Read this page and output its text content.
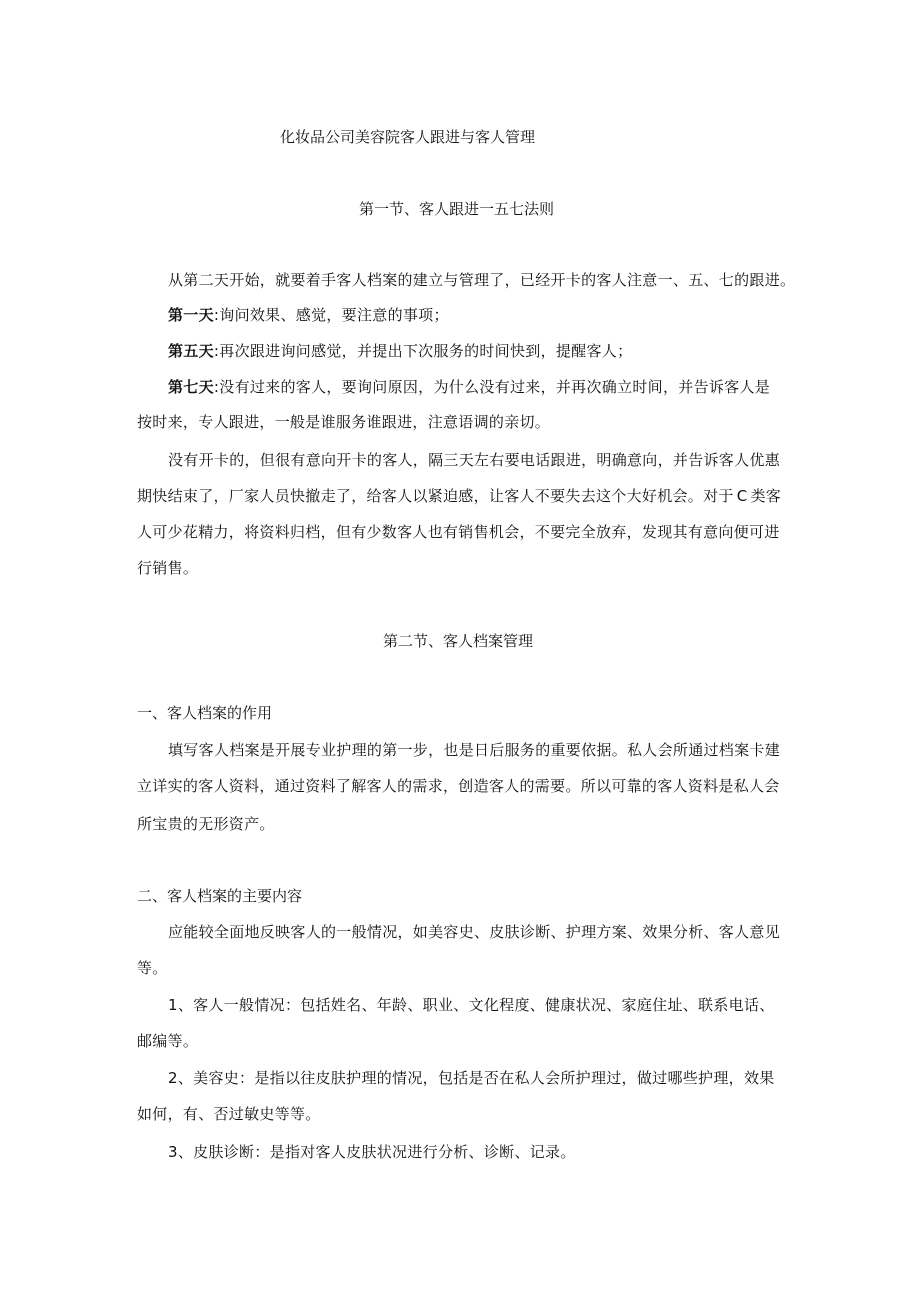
化妆品公司美容院客人跟进与客人管理
第一节、客人跟进一五七法则
从第二天开始，就要着手客人档案的建立与管理了，已经开卡的客人注意一、五、七的跟进。
第一天:询问效果、感觉，要注意的事项；
第五天:再次跟进询问感觉，并提出下次服务的时间快到，提醒客人；
第七天:没有过来的客人，要询问原因，为什么没有过来，并再次确立时间，并告诉客人是
按时来，专人跟进，一般是谁服务谁跟进，注意语调的亲切。
没有开卡的，但很有意向开卡的客人，隔三天左右要电话跟进，明确意向，并告诉客人优惠
期快结束了，厂家人员快撤走了，给客人以紧迫感，让客人不要失去这个大好机会。对于 C 类客
人可少花精力，将资料归档，但有少数客人也有销售机会，不要完全放弃，发现其有意向便可进
行销售。
第二节、客人档案管理
一、客人档案的作用
填写客人档案是开展专业护理的第一步，也是日后服务的重要依据。私人会所通过档案卡建
立详实的客人资料，通过资料了解客人的需求，创造客人的需要。所以可靠的客人资料是私人会
所宝贵的无形资产。
二、客人档案的主要内容
应能较全面地反映客人的一般情况，如美容史、皮肤诊断、护理方案、效果分析、客人意见
等。
1、客人一般情况：包括姓名、年龄、职业、文化程度、健康状况、家庭住址、联系电话、
邮编等。
2、美容史：是指以往皮肤护理的情况，包括是否在私人会所护理过，做过哪些护理，效果
如何，有、否过敏史等等。
3、皮肤诊断：是指对客人皮肤状况进行分析、诊断、记录。
